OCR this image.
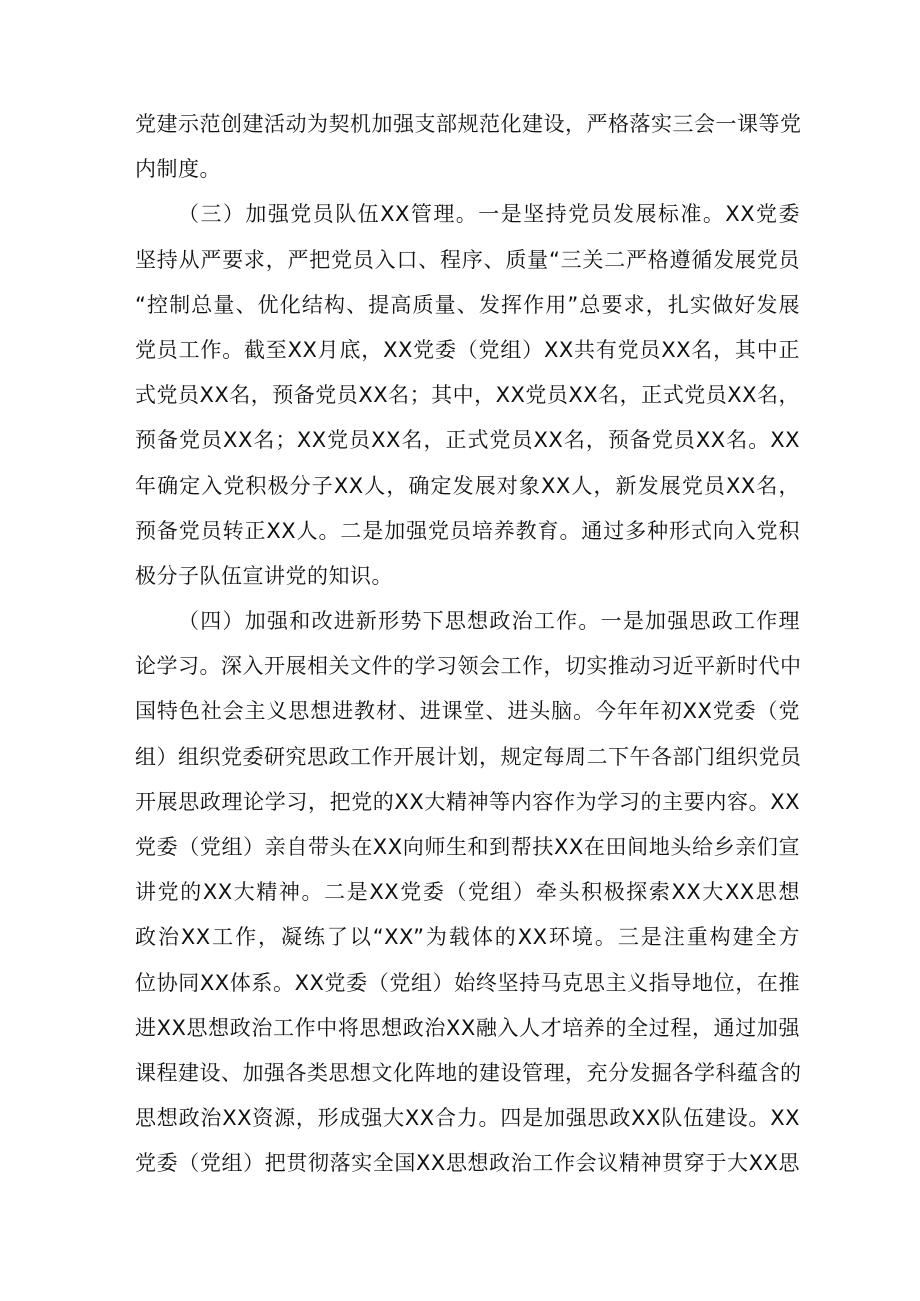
党建示范创建活动为契机加强支部规范化建设，严格落实三会一课等党
内制度。
（三）加强党员队伍XX管理。一是坚持党员发展标准。XX党委
坚持从严要求，严把党员入口、程序、质量“三关二严格遵循发展党员
“控制总量、优化结构、提高质量、发挥作用”总要求，扎实做好发展
党员工作。截至XX月底，XX党委（党组）XX共有党员XX名，其中正
式党员XX名，预备党员XX名；其中，XX党员XX名，正式党员XX名，
预备党员XX名；XX党员XX名，正式党员XX名，预备党员XX名。XX
年确定入党积极分子XX人，确定发展对象XX人，新发展党员XX名，
预备党员转正XX人。二是加强党员培养教育。通过多种形式向入党积
极分子队伍宣讲党的知识。
（四）加强和改进新形势下思想政治工作。一是加强思政工作理
论学习。深入开展相关文件的学习领会工作，切实推动习近平新时代中
国特色社会主义思想进教材、进课堂、进头脑。今年年初XX党委（党
组）组织党委研究思政工作开展计划，规定每周二下午各部门组织党员
开展思政理论学习，把党的XX大精神等内容作为学习的主要内容。XX
党委（党组）亲自带头在XX向师生和到帮扶XX在田间地头给乡亲们宣
讲党的XX大精神。二是XX党委（党组）牵头积极探索XX大XX思想
政治XX工作，凝练了以“XX”为载体的XX环境。三是注重构建全方
位协同XX体系。XX党委（党组）始终坚持马克思主义指导地位，在推
进XX思想政治工作中将思想政治XX融入人才培养的全过程，通过加强
课程建设、加强各类思想文化阵地的建设管理，充分发掘各学科蕴含的
思想政治XX资源，形成强大XX合力。四是加强思政XX队伍建设。XX
党委（党组）把贯彻落实全国XX思想政治工作会议精神贯穿于大XX思
